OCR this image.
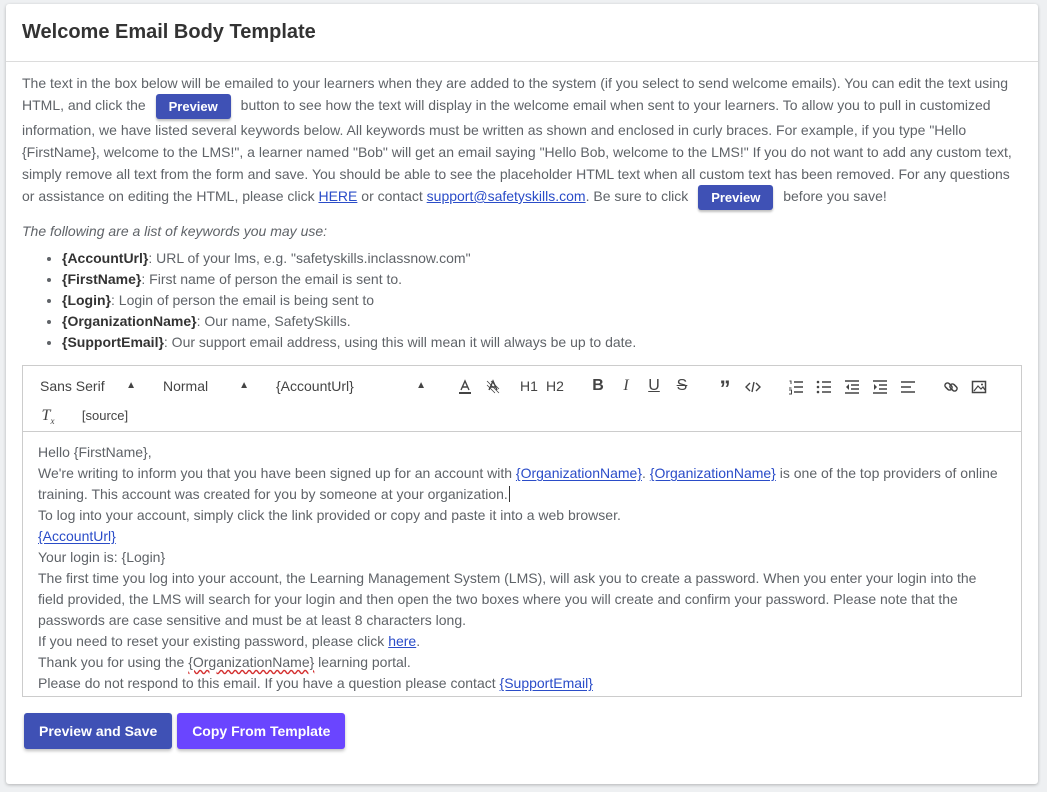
Welcome Email Body Template

The text in the box below will be emailed to your learners when they are added to the system (if you select to send welcome emails). You can edit the text using HTML, and click the Preview button to see how the text will display in the welcome email when sent to your learners. To allow you to pull in customized information, we have listed several keywords below. All keywords must be written as shown and enclosed in curly braces. For example, if you type "Hello {FirstName}, welcome to the LMS!", a learner named "Bob" will get an email saying "Hello Bob, welcome to the LMS!" If you do not want to add any custom text, simply remove all text from the form and save. You should be able to see the placeholder HTML text when all custom text has been removed. For any questions or assistance on editing the HTML, please click HERE or contact support@safetyskills.com. Be sure to click Preview before you save!

The following are a list of keywords you may use:

• {AccountUrl}: URL of your lms, e.g. "safetyskills.inclassnow.com"
• {FirstName}: First name of person the email is sent to.
• {Login}: Login of person the email is being sent to
• {OrganizationName}: Our name, SafetySkills.
• {SupportEmail}: Our support email address, using this will mean it will always be up to date.
Sans Serif ▲ Normal	▲ {AccountUrl}	▲	H1 H2	B	I	U	S ”
$T_x$	[source]

Hello {FirstName},

We're writing to inform you that you have been signed up for an account with {OrganizationName}. {OrganizationName} is one of the top providers of online training. This account was created for you by someone at your organization.

To log into your account, simply click the link provided or copy and paste it into a web browser.

{AccountUrl}

Your login is: {Login}

The first time you log into your account, the Learning Management System (LMS), will ask you to create a password. When you enter your login into the field provided, the LMS will search for your login and then open the two boxes where you will create and confirm your password. Please note that the passwords are case sensitive and must be at least 8 characters long.

If you need to reset your existing password, please click here.

Thank you for using the {OrganizationName} learning portal.

Please do not respond to this email. If you have a question please contact {SupportEmail}

Preview and Save Copy From Template
